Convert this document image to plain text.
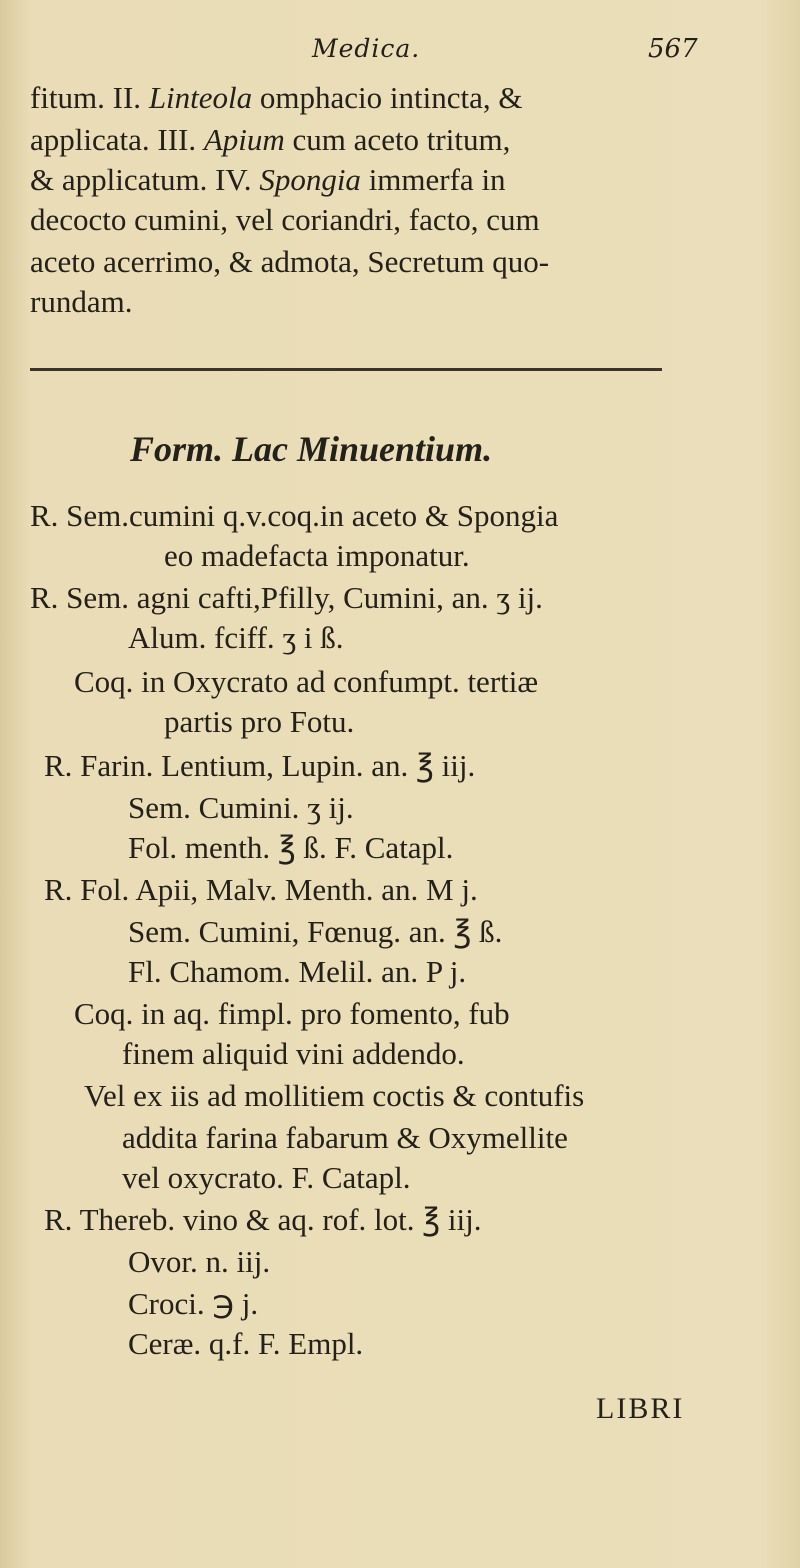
Medica.	567
fitum. II. Linteola omphacio intincta, &
applicata. III. Apium cum aceto tritum,
& applicatum. IV. Spongia immerfa in
decocto cumini, vel coriandri, facto, cum
aceto acerrimo, & admota, Secretum quo-
rundam.
Form. Lac Minuentium.
R. Sem.cumini q.v.coq.in aceto & Spongia
eo madefacta imponatur.
R. Sem. agni cafti,Pfilly, Cumini, an. ʒ ij.
Alum. fciff. ʒ i ß.
Coq. in Oxycrato ad confumpt. tertiæ
partis pro Fotu.
R. Farin. Lentium, Lupin. an. ℥ iij.
Sem. Cumini. ʒ ij.
Fol. menth. ℥ ß. F. Catapl.
R. Fol. Apii, Malv. Menth. an. M j.
Sem. Cumini, Fœnug. an. ℥ ß.
Fl. Chamom. Melil. an. P j.
Coq. in aq. fimpl. pro fomento, fub
finem aliquid vini addendo.
Vel ex iis ad mollitiem coctis & contufis
addita farina fabarum & Oxymellite
vel oxycrato. F. Catapl.
R. Thereb. vino & aq. rof. lot. ℥ iij.
Ovor. n. iij.
Croci. ℈ j.
Ceræ. q.f. F. Empl.
LIBRI
